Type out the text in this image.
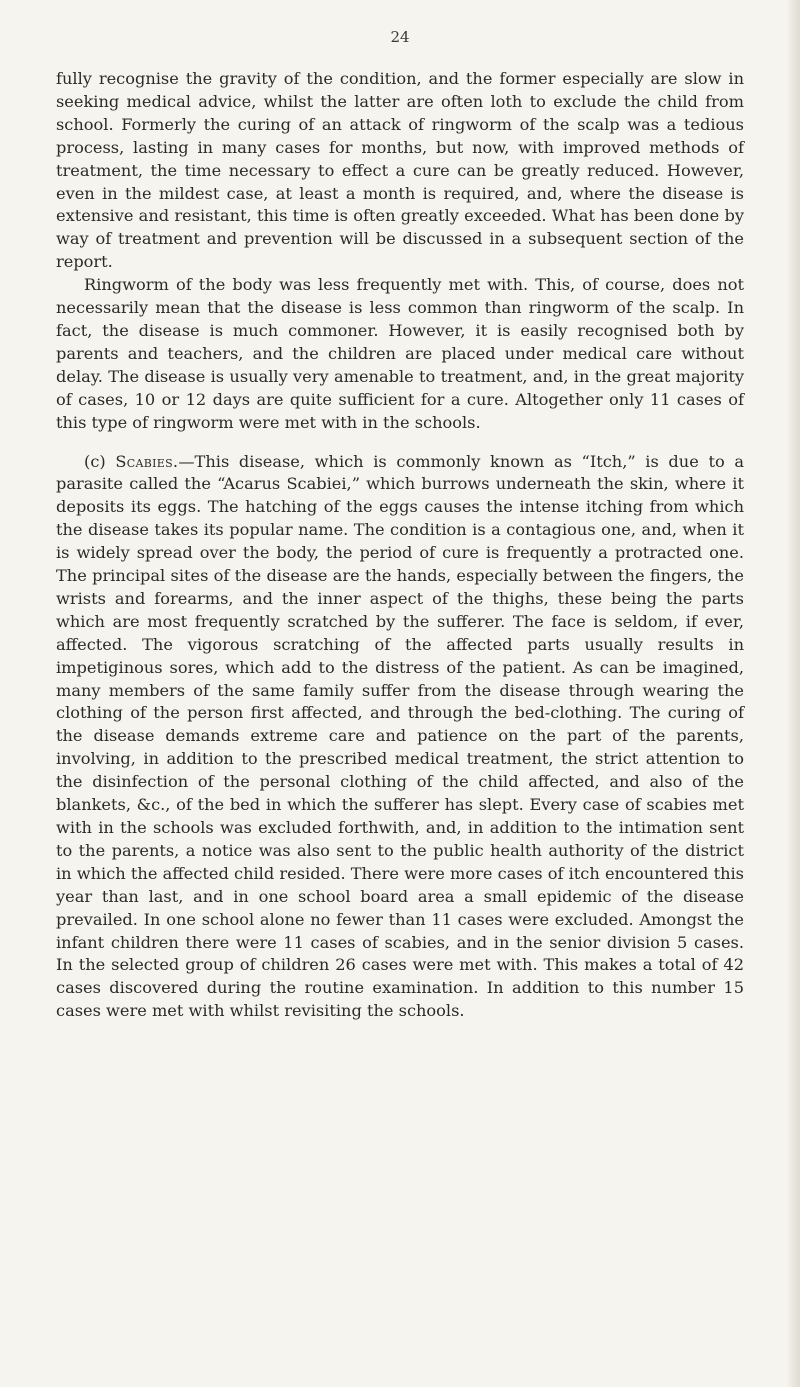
24

fully recognise the gravity of the condition, and the former especially are slow in seeking medical advice, whilst the latter are often loth to exclude the child from school. Formerly the curing of an attack of ringworm of the scalp was a tedious process, lasting in many cases for months, but now, with improved methods of treatment, the time necessary to effect a cure can be greatly reduced. However, even in the mildest case, at least a month is required, and, where the disease is extensive and resistant, this time is often greatly exceeded. What has been done by way of treatment and prevention will be discussed in a subsequent section of the report.

Ringworm of the body was less frequently met with. This, of course, does not necessarily mean that the disease is less common than ringworm of the scalp. In fact, the disease is much commoner. However, it is easily recognised both by parents and teachers, and the children are placed under medical care without delay. The disease is usually very amenable to treatment, and, in the great majority of cases, 10 or 12 days are quite sufficient for a cure. Altogether only 11 cases of this type of ringworm were met with in the schools.

(c) Scabies.—This disease, which is commonly known as “Itch,” is due to a parasite called the “Acarus Scabiei,” which burrows underneath the skin, where it deposits its eggs. The hatching of the eggs causes the intense itching from which the disease takes its popular name. The condition is a contagious one, and, when it is widely spread over the body, the period of cure is frequently a protracted one. The principal sites of the disease are the hands, especially between the fingers, the wrists and forearms, and the inner aspect of the thighs, these being the parts which are most frequently scratched by the sufferer. The face is seldom, if ever, affected. The vigorous scratching of the affected parts usually results in impetiginous sores, which add to the distress of the patient. As can be imagined, many members of the same family suffer from the disease through wearing the clothing of the person first affected, and through the bed-clothing. The curing of the disease demands extreme care and patience on the part of the parents, involving, in addition to the prescribed medical treatment, the strict attention to the disinfection of the personal clothing of the child affected, and also of the blankets, &c., of the bed in which the sufferer has slept. Every case of scabies met with in the schools was excluded forthwith, and, in addition to the intimation sent to the parents, a notice was also sent to the public health authority of the district in which the affected child resided. There were more cases of itch encountered this year than last, and in one school board area a small epidemic of the disease prevailed. In one school alone no fewer than 11 cases were excluded. Amongst the infant children there were 11 cases of scabies, and in the senior division 5 cases. In the selected group of children 26 cases were met with. This makes a total of 42 cases discovered during the routine examination. In addition to this number 15 cases were met with whilst revisiting the schools.
